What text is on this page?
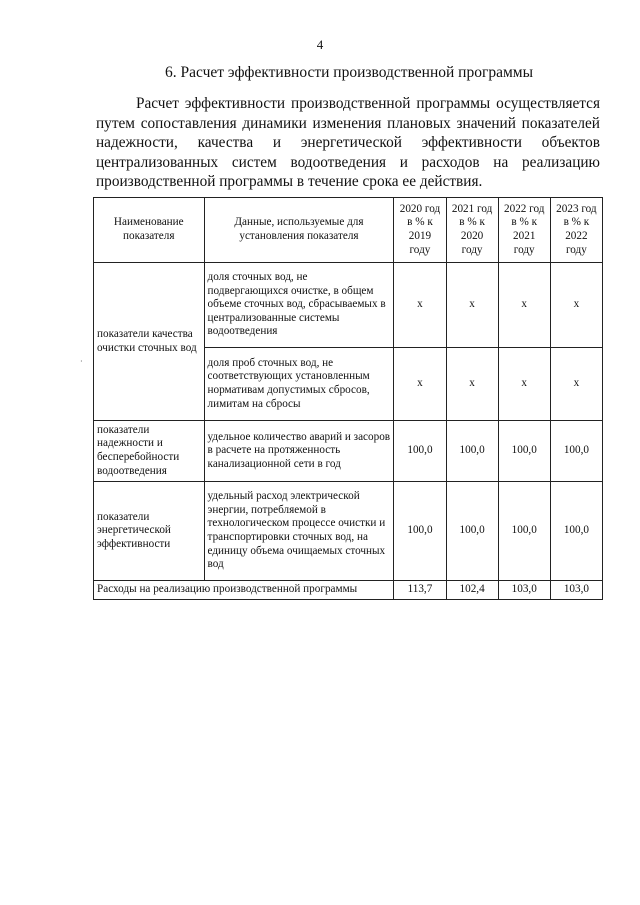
4
6. Расчет эффективности производственной программы
Расчет эффективности производственной программы осуществляется путем сопоставления динамики изменения плановых значений показателей надежности, качества и энергетической эффективности объектов централизованных систем водоотведения и расходов на реализацию производственной программы в течение срока ее действия.
·
Наименование показателя	Данные, используемые для установления показателя	2020 год в % к 2019 году	2021 год в % к 2020 году	2022 год в % к 2021 году	2023 год в % к 2022 году
показатели качества очистки сточных вод	доля сточных вод, не подвергающихся очистке, в общем объеме сточных вод, сбрасываемых в централизованные системы водоотведения	х	х	х	х
	доля проб сточных вод, не соответствующих установленным нормативам допустимых сбросов, лимитам на сбросы	х	х	х	х
показатели надежности и бесперебойности водоотведения	удельное количество аварий и засоров в расчете на протяженность канализационной сети в год	100,0	100,0	100,0	100,0
показатели энергетической эффективности	удельный расход электрической энергии, потребляемой в технологическом процессе очистки и транспортировки сточных вод, на единицу объема очищаемых сточных вод	100,0	100,0	100,0	100,0
Расходы на реализацию производственной программы		113,7	102,4	103,0	103,0
